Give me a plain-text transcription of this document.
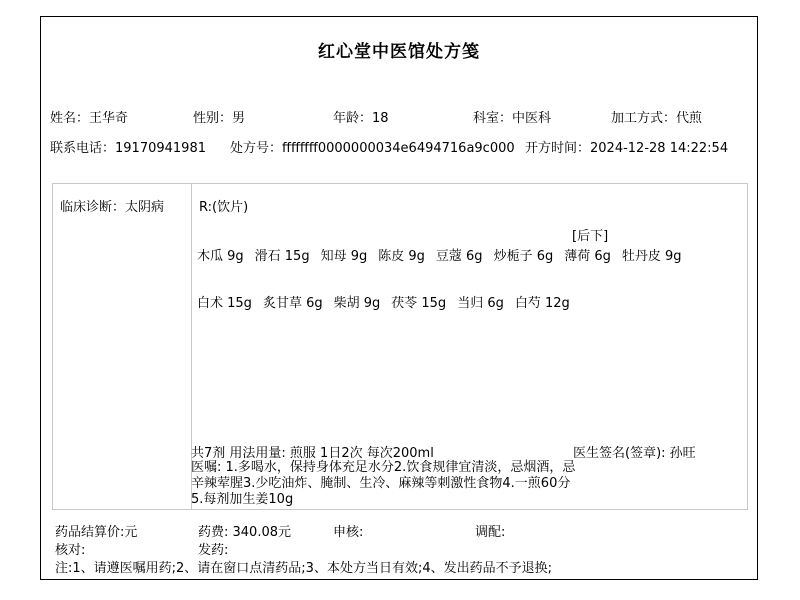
红心堂中医馆处方笺
姓名：王华奇	性别：男	年龄：18	科室：中医科	加工方式：代煎
联系电话：19170941981 处方号：ffffffff0000000034e6494716a9c000 开方时间：2024-12-28 14:22:54
临床诊断：太阴病	R:(饮片)
[后下]
木瓜 9g 滑石 15g 知母 9g 陈皮 9g 豆蔻 6g 炒栀子 6g 薄荷 6g 牡丹皮 9g
白术 15g 炙甘草 6g 柴胡 9g 茯苓 15g 当归 6g 白芍 12g
共7剂 用法用量: 煎服 1日2次 每次200ml	医生签名(签章): 孙旺
医嘱: 1.多喝水，保持身体充足水分2.饮食规律宜清淡，忌烟酒，忌
辛辣荤腥3.少吃油炸、腌制、生冷、麻辣等刺激性食物4.一煎60分
5.每剂加生姜10g
药品结算价:元	药费: 340.08元	申核:	调配:
核对:	发药:
注:1、请遵医嘱用药;2、请在窗口点清药品;3、本处方当日有效;4、发出药品不予退换;
